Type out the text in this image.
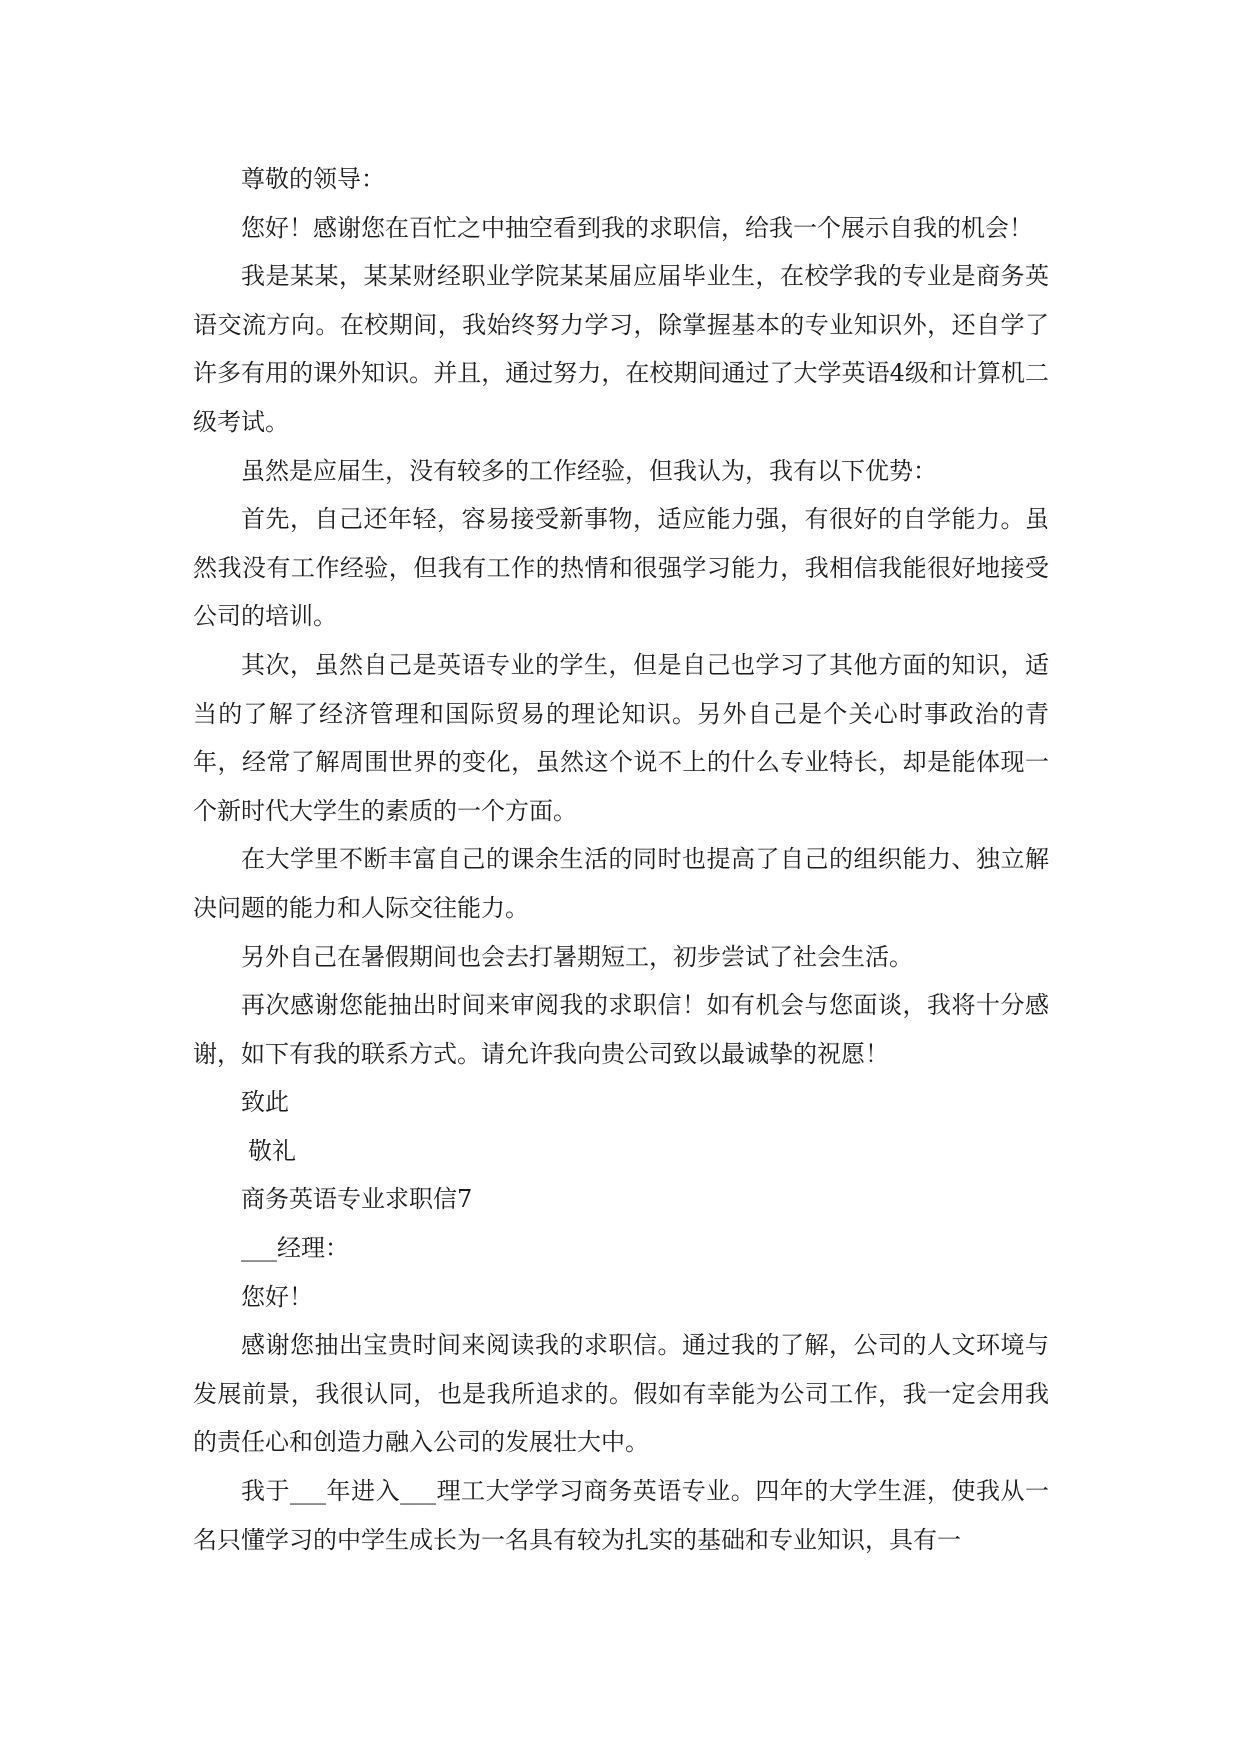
尊敬的领导：

您好！感谢您在百忙之中抽空看到我的求职信，给我一个展示自我的机会！

我是某某，某某财经职业学院某某届应届毕业生，在校学我的专业是商务英语交流方向。在校期间，我始终努力学习，除掌握基本的专业知识外，还自学了许多有用的课外知识。并且，通过努力，在校期间通过了大学英语4级和计算机二级考试。

虽然是应届生，没有较多的工作经验，但我认为，我有以下优势：

首先，自己还年轻，容易接受新事物，适应能力强，有很好的自学能力。虽然我没有工作经验，但我有工作的热情和很强学习能力，我相信我能很好地接受公司的培训。

其次，虽然自己是英语专业的学生，但是自己也学习了其他方面的知识，适当的了解了经济管理和国际贸易的理论知识。另外自己是个关心时事政治的青年，经常了解周围世界的变化，虽然这个说不上的什么专业特长，却是能体现一个新时代大学生的素质的一个方面。

在大学里不断丰富自己的课余生活的同时也提高了自己的组织能力、独立解决问题的能力和人际交往能力。

另外自己在暑假期间也会去打暑期短工，初步尝试了社会生活。

再次感谢您能抽出时间来审阅我的求职信！如有机会与您面谈，我将十分感谢，如下有我的联系方式。请允许我向贵公司致以最诚挚的祝愿！

致此

敬礼

商务英语专业求职信7

___经理：

您好！

感谢您抽出宝贵时间来阅读我的求职信。通过我的了解，公司的人文环境与发展前景，我很认同，也是我所追求的。假如有幸能为公司工作，我一定会用我的责任心和创造力融入公司的发展壮大中。

我于___年进入___理工大学学习商务英语专业。四年的大学生涯，使我从一名只懂学习的中学生成长为一名具有较为扎实的基础和专业知识，具有一
